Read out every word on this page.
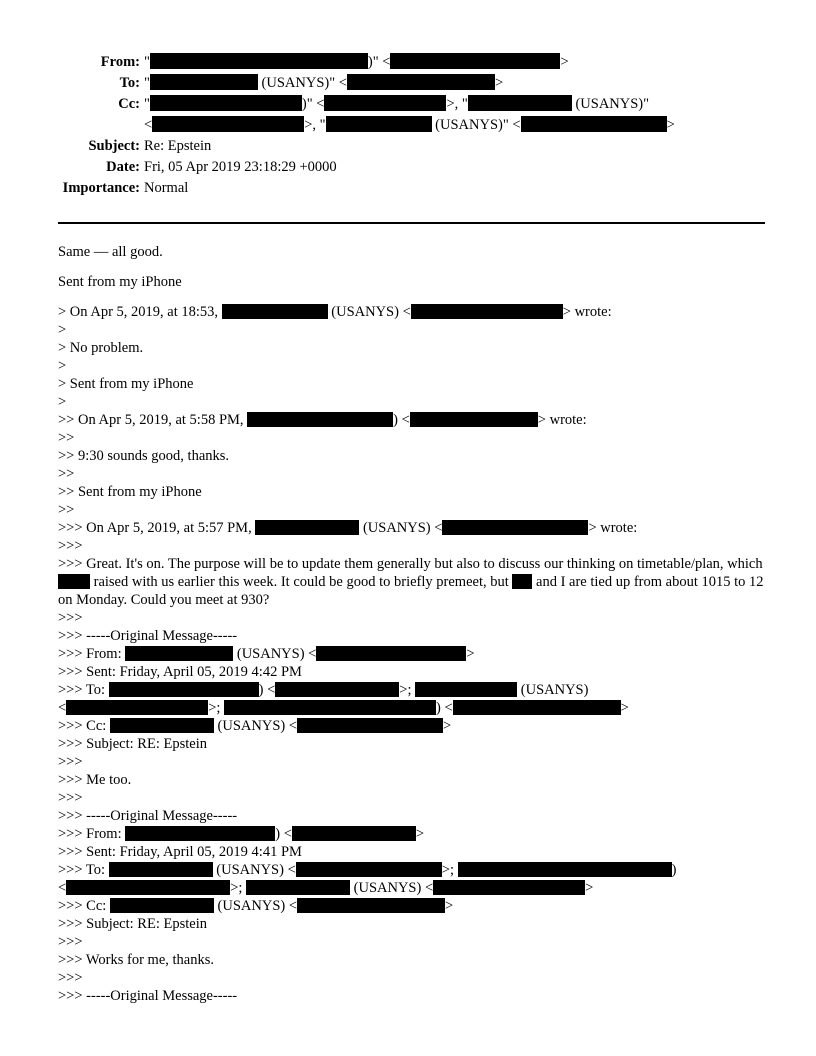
From: "	)" <	>
To: "	(USANYS)" <	>
Cc: "	)" <	>, "	(USANYS)"
<	>, "	(USANYS)" <	>
Subject: Re: Epstein
Date: Fri, 05 Apr 2019 23:18:29 +0000
Importance: Normal
Same — all good.
Sent from my iPhone
> On Apr 5, 2019, at 18:53,	(USANYS) <	> wrote:
>
> No problem.
>
> Sent from my iPhone
>
>> On Apr 5, 2019, at 5:58 PM,	) <	> wrote:
>>
>> 9:30 sounds good, thanks.
>>
>> Sent from my iPhone
>>
>>> On Apr 5, 2019, at 5:57 PM,	(USANYS) <	> wrote:
>>>
>>> Great. It's on. The purpose will be to update them generally but also to discuss our thinking on timetable/plan, which  raised with us earlier this week. It could be good to briefly premeet, but  and I are tied up from about 1015 to 12 on Monday. Could you meet at 930?
>>>
>>> -----Original Message-----
>>> From:	(USANYS) <	>
>>> Sent: Friday, April 05, 2019 4:42 PM
>>> To:	) <	>;	(USANYS)
<	>;	) <	>
>>> Cc:	(USANYS) <	>
>>> Subject: RE: Epstein
>>>
>>> Me too.
>>>
>>> -----Original Message-----
>>> From:	) <	>
>>> Sent: Friday, April 05, 2019 4:41 PM
>>> To:	(USANYS) <	>;	)
<	>;	(USANYS) <	>
>>> Cc:	(USANYS) <	>
>>> Subject: RE: Epstein
>>>
>>> Works for me, thanks.
>>>
>>> -----Original Message-----
